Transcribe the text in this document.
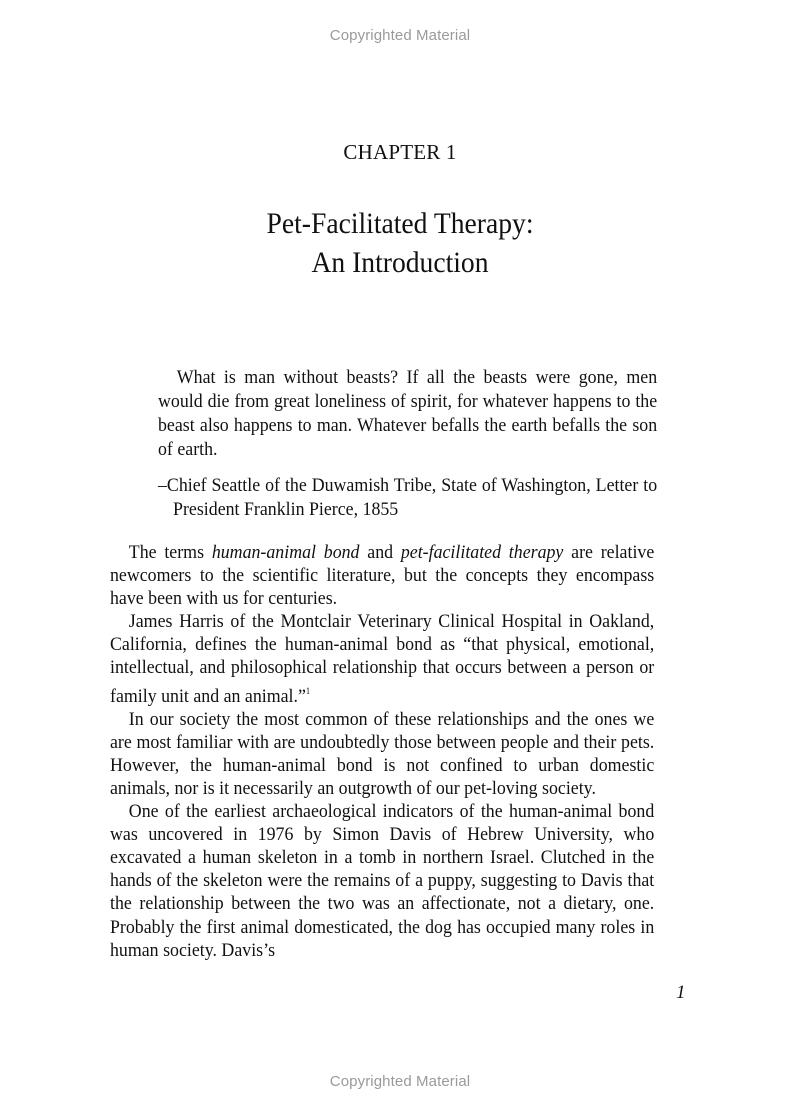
Copyrighted Material
CHAPTER 1
Pet-Facilitated Therapy:
An Introduction

What is man without beasts? If all the beasts were gone, men would die from great loneliness of spirit, for whatever happens to the beast also happens to man. Whatever befalls the earth befalls the son of earth.

–Chief Seattle of the Duwamish Tribe, State of Washington, Letter to President Franklin Pierce, 1855

The terms human-animal bond and pet-facilitated therapy are relative newcomers to the scientific literature, but the concepts they encompass have been with us for centuries.

James Harris of the Montclair Veterinary Clinical Hospital in Oakland, California, defines the human-animal bond as “that physical, emotional, intellectual, and philosophical relationship that occurs between a person or family unit and an animal.”$^1$

In our society the most common of these relationships and the ones we are most familiar with are undoubtedly those between people and their pets. However, the human-animal bond is not confined to urban domestic animals, nor is it necessarily an outgrowth of our pet-loving society.

One of the earliest archaeological indicators of the human-animal bond was uncovered in 1976 by Simon Davis of Hebrew University, who excavated a human skeleton in a tomb in northern Israel. Clutched in the hands of the skeleton were the remains of a puppy, suggesting to Davis that the relationship between the two was an affectionate, not a dietary, one. Probably the first animal domesticated, the dog has occupied many roles in human society. Davis’s

1
Copyrighted Material
